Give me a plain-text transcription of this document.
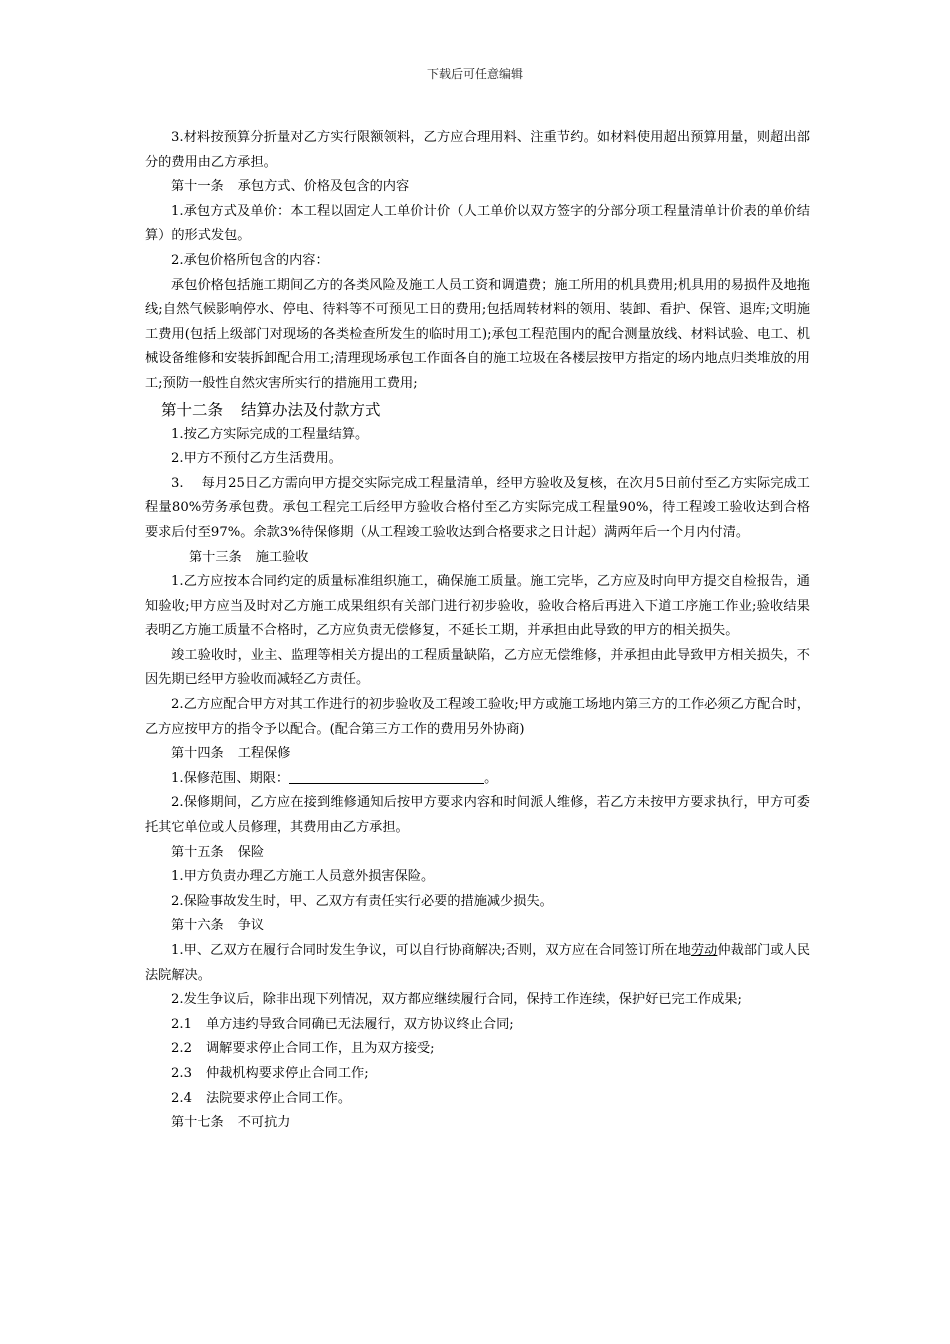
下载后可任意编辑

3.材料按预算分折量对乙方实行限额领料，乙方应合理用料、注重节约。如材料使用超出预算用量，则超出部分的费用由乙方承担。

第十一条 承包方式、价格及包含的内容

1.承包方式及单价：本工程以固定人工单价计价（人工单价以双方签字的分部分项工程量清单计价表的单价结算）的形式发包。

2.承包价格所包含的内容：

承包价格包括施工期间乙方的各类风险及施工人员工资和调遣费；施工所用的机具费用;机具用的易损件及地拖线;自然气候影响停水、停电、待料等不可预见工日的费用;包括周转材料的领用、装卸、看护、保管、退库;文明施工费用(包括上级部门对现场的各类检查所发生的临时用工);承包工程范围内的配合测量放线、材料试验、电工、机械设备维修和安装拆卸配合用工;清理现场承包工作面各自的施工垃圾在各楼层按甲方指定的场内地点归类堆放的用工;预防一般性自然灾害所实行的措施用工费用;

第十二条 结算办法及付款方式

1.按乙方实际完成的工程量结算。

2.甲方不预付乙方生活费用。

3. 每月25日乙方需向甲方提交实际完成工程量清单，经甲方验收及复核，在次月5日前付至乙方实际完成工程量80%劳务承包费。承包工程完工后经甲方验收合格付至乙方实际完成工程量90%，待工程竣工验收达到合格要求后付至97%。余款3%待保修期（从工程竣工验收达到合格要求之日计起）满两年后一个月内付清。

第十三条 施工验收

1.乙方应按本合同约定的质量标准组织施工，确保施工质量。施工完毕，乙方应及时向甲方提交自检报告，通知验收;甲方应当及时对乙方施工成果组织有关部门进行初步验收，验收合格后再进入下道工序施工作业;验收结果表明乙方施工质量不合格时，乙方应负责无偿修复，不延长工期，并承担由此导致的甲方的相关损失。

竣工验收时，业主、监理等相关方提出的工程质量缺陷，乙方应无偿维修，并承担由此导致甲方相关损失，不因先期已经甲方验收而减轻乙方责任。

2.乙方应配合甲方对其工作进行的初步验收及工程竣工验收;甲方或施工场地内第三方的工作必须乙方配合时，乙方应按甲方的指令予以配合。(配合第三方工作的费用另外协商)

第十四条 工程保修

1.保修范围、期限：	。

2.保修期间，乙方应在接到维修通知后按甲方要求内容和时间派人维修，若乙方未按甲方要求执行，甲方可委托其它单位或人员修理，其费用由乙方承担。

第十五条 保险

1.甲方负责办理乙方施工人员意外损害保险。

2.保险事故发生时，甲、乙双方有责任实行必要的措施减少损失。

第十六条 争议

1.甲、乙双方在履行合同时发生争议，可以自行协商解决;否则，双方应在合同签订所在地劳动仲裁部门或人民法院解决。

2.发生争议后，除非出现下列情况，双方都应继续履行合同，保持工作连续，保护好已完工作成果;

2.1 单方违约导致合同确已无法履行，双方协议终止合同;

2.2 调解要求停止合同工作，且为双方接受;

2.3 仲裁机构要求停止合同工作;

2.4 法院要求停止合同工作。

第十七条 不可抗力
